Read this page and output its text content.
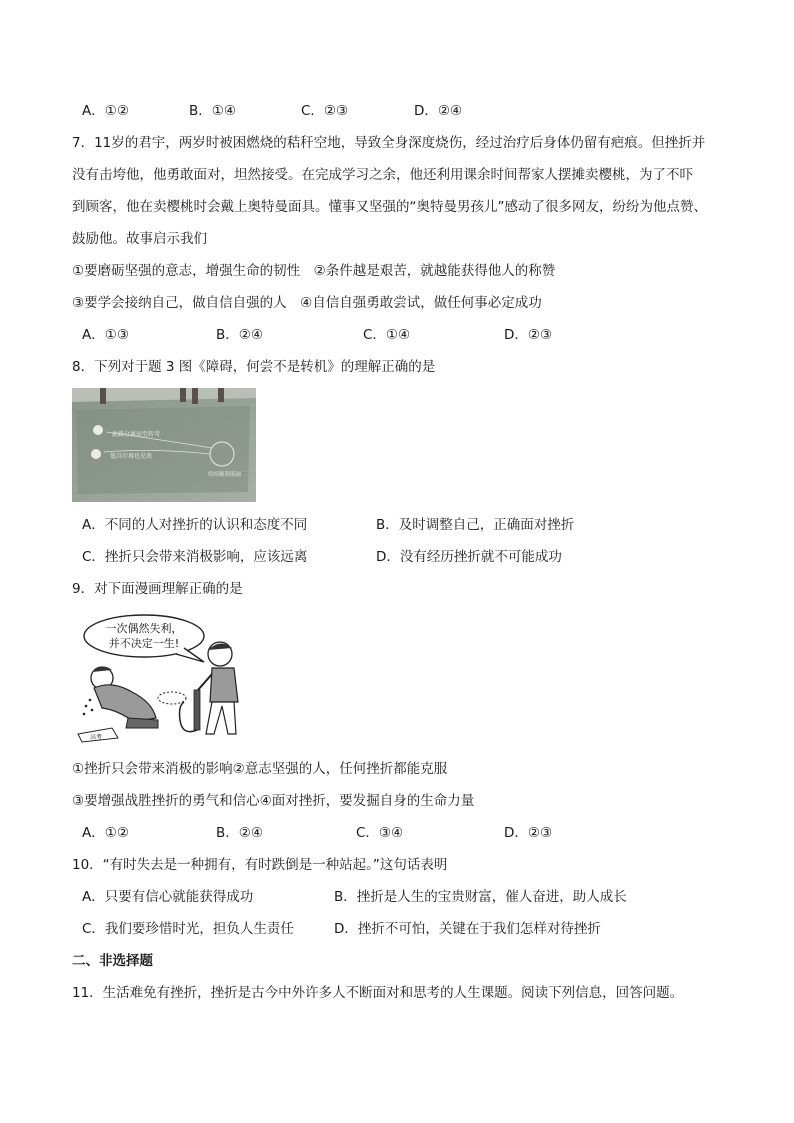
A．①②	B．①④	C．②③	D．②④
7．11岁的君宇，两岁时被困燃烧的秸秆空地，导致全身深度烧伤，经过治疗后身体仍留有疤痕。但挫折并
没有击垮他，他勇敢面对，坦然接受。在完成学习之余，他还利用课余时间帮家人摆摊卖樱桃，为了不吓
到顾客，他在卖樱桃时会戴上奥特曼面具。懂事又坚强的“奥特曼男孩儿”感动了很多网友，纷纷为他点赞、
鼓励他。故事启示我们
①要磨砺坚强的意志，增强生命的韧性　②条件越是艰苦，就越能获得他人的称赞
③要学会接纳自己，做自信自强的人　④自信自强勇敢尝试，做任何事必定成功
A．①③	B．②④	C．①④	D．②③
8．下列对于题 3 图《障碍，何尝不是转机》的理解正确的是
此路分离而至转弯
低谷后再也见效
终结顺利落洞
A．不同的人对挫折的认识和态度不同	B．及时调整自己，正确面对挫折
C．挫折只会带来消极影响，应该远离	D．没有经历挫折就不可能成功
9．对下面漫画理解正确的是
一次偶然失利，
并不决定一生!
高考
①挫折只会带来消极的影响②意志坚强的人，任何挫折都能克服
③要增强战胜挫折的勇气和信心④面对挫折，要发掘自身的生命力量
A．①②	B．②④	C．③④	D．②③
10．“有时失去是一种拥有，有时跌倒是一种站起。”这句话表明
A．只要有信心就能获得成功	B．挫折是人生的宝贵财富，催人奋进，助人成长
C．我们要珍惜时光，担负人生责任	D．挫折不可怕，关键在于我们怎样对待挫折
二、非选择题
11．生活难免有挫折，挫折是古今中外许多人不断面对和思考的人生课题。阅读下列信息，回答问题。
